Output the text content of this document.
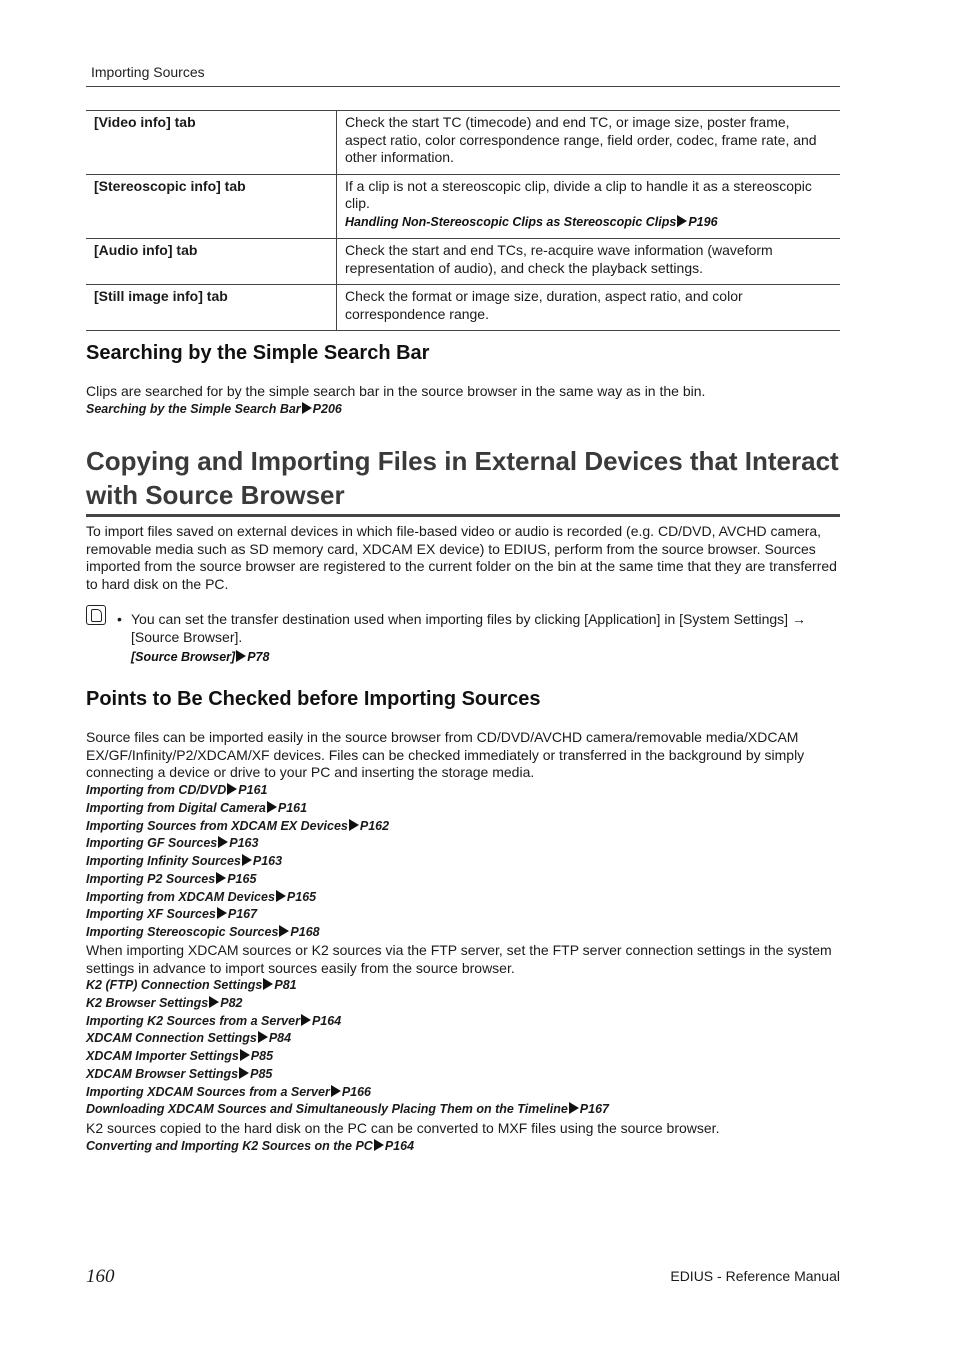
Importing Sources
[Video info] tab	Check the start TC (timecode) and end TC, or image size, poster frame, aspect ratio, color correspondence range, field order, codec, frame rate, and other information.
[Stereoscopic info] tab	If a clip is not a stereoscopic clip, divide a clip to handle it as a stereoscopic clip.
Handling Non-Stereoscopic Clips as Stereoscopic Clips P196
[Audio info] tab	Check the start and end TCs, re-acquire wave information (waveform representation of audio), and check the playback settings.
[Still image info] tab	Check the format or image size, duration, aspect ratio, and color correspondence range.
Searching by the Simple Search Bar
Clips are searched for by the simple search bar in the source browser in the same way as in the bin.
Searching by the Simple Search Bar P206
Copying and Importing Files in External Devices that Interact with Source Browser
To import files saved on external devices in which file-based video or audio is recorded (e.g. CD/DVD, AVCHD camera, removable media such as SD memory card, XDCAM EX device) to EDIUS, perform from the source browser. Sources imported from the source browser are registered to the current folder on the bin at the same time that they are transferred to hard disk on the PC.
• You can set the transfer destination used when importing files by clicking [Application] in [System Settings] → [Source Browser].
[Source Browser] P78
Points to Be Checked before Importing Sources
Source files can be imported easily in the source browser from CD/DVD/AVCHD camera/removable media/XDCAM EX/GF/Infinity/P2/XDCAM/XF devices. Files can be checked immediately or transferred in the background by simply connecting a device or drive to your PC and inserting the storage media.
Importing from CD/DVD P161
Importing from Digital Camera P161
Importing Sources from XDCAM EX Devices P162
Importing GF Sources P163
Importing Infinity Sources P163
Importing P2 Sources P165
Importing from XDCAM Devices P165
Importing XF Sources P167
Importing Stereoscopic Sources P168
When importing XDCAM sources or K2 sources via the FTP server, set the FTP server connection settings in the system settings in advance to import sources easily from the source browser.
K2 (FTP) Connection Settings P81
K2 Browser Settings P82
Importing K2 Sources from a Server P164
XDCAM Connection Settings P84
XDCAM Importer Settings P85
XDCAM Browser Settings P85
Importing XDCAM Sources from a Server P166
Downloading XDCAM Sources and Simultaneously Placing Them on the Timeline P167
K2 sources copied to the hard disk on the PC can be converted to MXF files using the source browser.
Converting and Importing K2 Sources on the PC P164
160	EDIUS - Reference Manual
